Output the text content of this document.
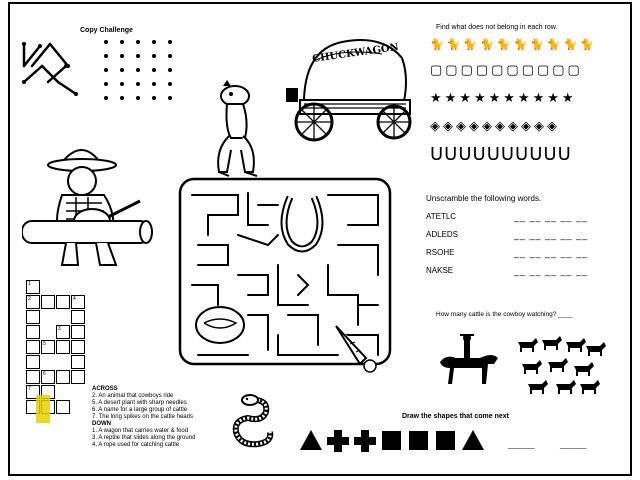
Copy Challenge
CHUCKWAGON
Find what does not belong in each row.
🐈🐈🐈🐈🐈🐈🐈🐈🐈🐈
▢▢▢▢▢▢▢▢▢▢
★★★★★★★★★★
◈◈◈◈◈◈◈◈◈◈
ᑌᑌᑌᑌᑌᑌᑌᑌᑌᑌ
Unscramble the following words.
ATETLC	__ __ __ __ __
ADLEDS	__ __ __ __ __
RSOHE	__ __ __ __ __
NAKSE	__ __ __ __ __
How many cattle is the cowboy watching? ____
1
2
7
4
3
5
6
ACROSS
2. An animal that cowboys ride
5. A desert plant with sharp needles
6. A name for a large group of cattle
7. The long spikes on the cattle heads
DOWN
1. A wagon that carries water & food
3. A reptile that slides along the ground
4. A rope used for catching cattle
Draw the shapes that come next
____ ____
